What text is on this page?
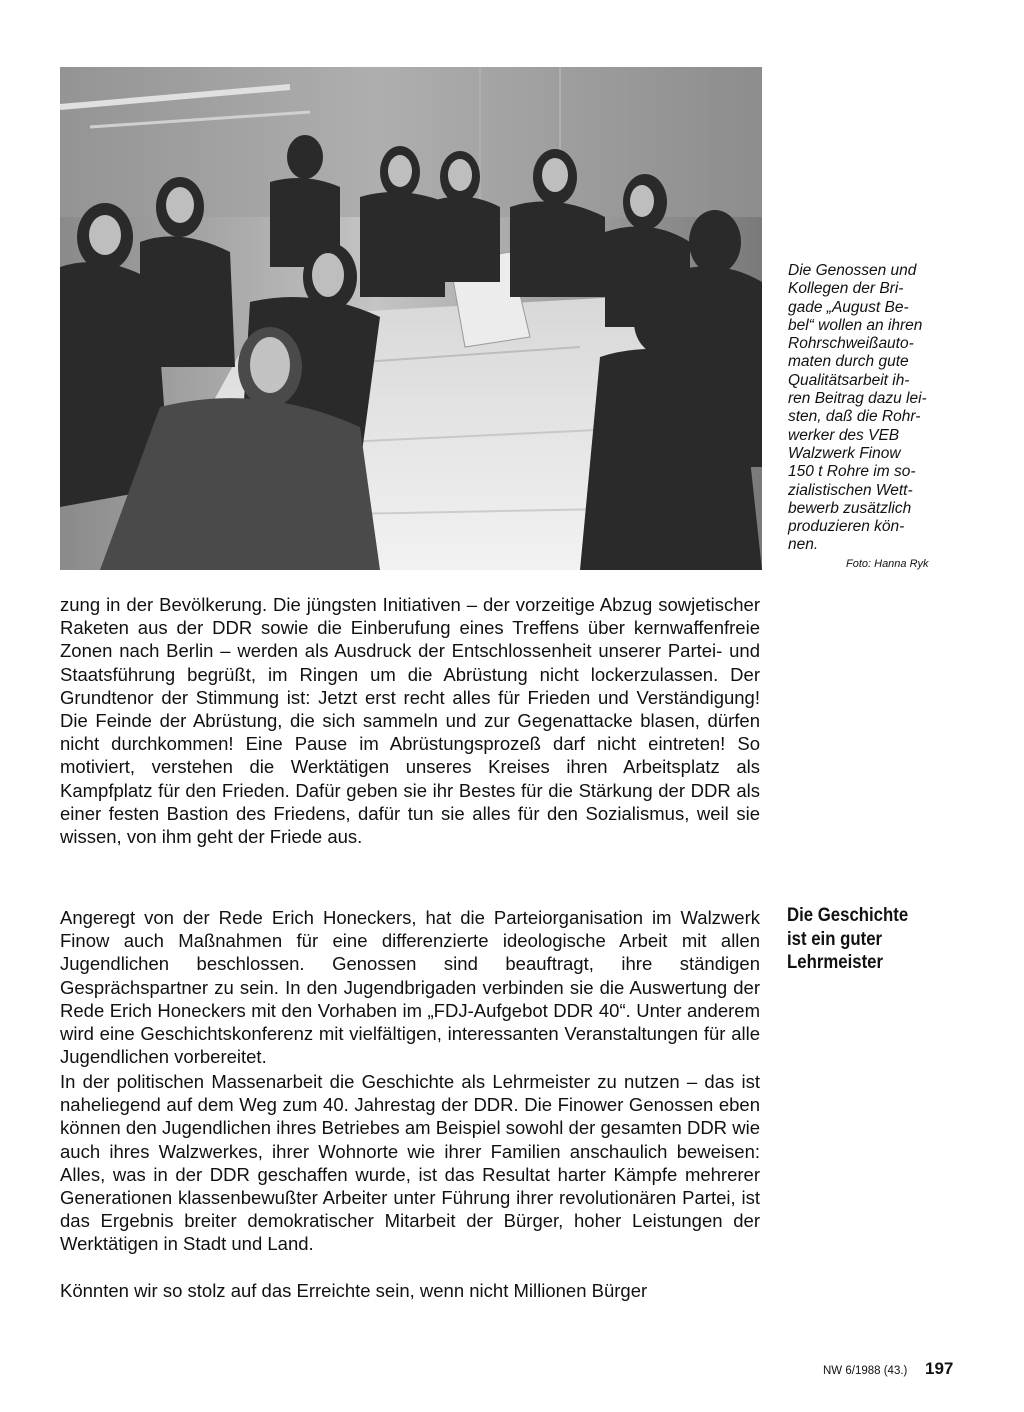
Die Genossen und
Kollegen der Bri-
gade „August Be-
bel“ wollen an ihren
Rohrschweißauto-
maten durch gute
Qualitätsarbeit ih-
ren Beitrag dazu lei-
sten, daß die Rohr-
werker des VEB
Walzwerk Finow
150 t Rohre im so-
zialistischen Wett-
bewerb zusätzlich
produzieren kön-
nen.
Foto: Hanna Ryk

zung in der Bevölkerung. Die jüngsten Initiativen – der vorzeitige Abzug sowjetischer Raketen aus der DDR sowie die Einberufung eines Treffens über kernwaffenfreie Zonen nach Berlin – werden als Ausdruck der Entschlossenheit unserer Partei- und Staatsführung begrüßt, im Ringen um die Abrüstung nicht lockerzulassen. Der Grundtenor der Stimmung ist: Jetzt erst recht alles für Frieden und Verständigung! Die Feinde der Abrüstung, die sich sammeln und zur Gegenattacke blasen, dürfen nicht durchkommen! Eine Pause im Abrüstungsprozeß darf nicht eintreten! So motiviert, verstehen die Werktätigen unseres Kreises ihren Arbeitsplatz als Kampfplatz für den Frieden. Dafür geben sie ihr Bestes für die Stärkung der DDR als einer festen Bastion des Friedens, dafür tun sie alles für den Sozialismus, weil sie wissen, von ihm geht der Friede aus.

Die Geschichte
ist ein guter
Lehrmeister

Angeregt von der Rede Erich Honeckers, hat die Parteiorganisation im Walzwerk Finow auch Maßnahmen für eine differenzierte ideologische Arbeit mit allen Jugendlichen beschlossen. Genossen sind beauftragt, ihre ständigen Gesprächspartner zu sein. In den Jugendbrigaden verbinden sie die Auswertung der Rede Erich Honeckers mit den Vorhaben im „FDJ-Aufgebot DDR 40“. Unter anderem wird eine Geschichtskonferenz mit vielfältigen, interessanten Veranstaltungen für alle Jugendlichen vorbereitet.

In der politischen Massenarbeit die Geschichte als Lehrmeister zu nutzen – das ist naheliegend auf dem Weg zum 40. Jahrestag der DDR. Die Finower Genossen eben können den Jugendlichen ihres Betriebes am Beispiel sowohl der gesamten DDR wie auch ihres Walzwerkes, ihrer Wohnorte wie ihrer Familien anschaulich beweisen: Alles, was in der DDR geschaffen wurde, ist das Resultat harter Kämpfe mehrerer Generationen klassenbewußter Arbeiter unter Führung ihrer revolutionären Partei, ist das Ergebnis breiter demokratischer Mitarbeit der Bürger, hoher Leistungen der Werktätigen in Stadt und Land.

Könnten wir so stolz auf das Erreichte sein, wenn nicht Millionen Bürger

NW 6/1988 (43.) 197
